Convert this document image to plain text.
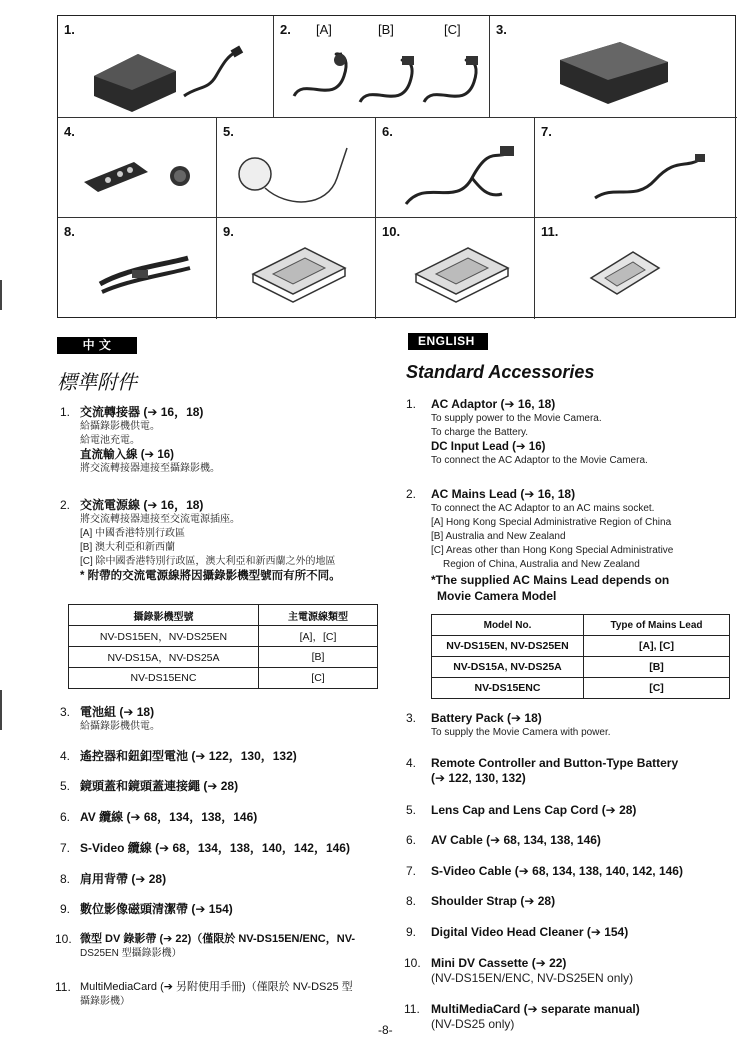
1.	2. [A]	[B]	[C]	3.
4.	5.	6.	7.
8.	9.	10.	11.
中 文
標準附件
1. 交流轉接器 (➔ 16，18)
給攝錄影機供電。
給電池充電。
直流輸入線 (➔ 16)
將交流轉接器連接至攝錄影機。
2. 交流電源線 (➔ 16，18)
將交流轉接器連接至交流電源插座。
[A] 中國香港特別行政區
[B] 澳大利亞和新西蘭
[C] 除中國香港特別行政區，澳大利亞和新西蘭之外的地區
* 附帶的交流電源線將因攝錄影機型號而有所不同。
攝錄影機型號	主電源線類型
NV-DS15EN，NV-DS25EN	[A]，[C]
NV-DS15A，NV-DS25A	[B]
NV-DS15ENC	[C]
3. 電池組 (➔ 18)
給攝錄影機供電。
4. 遙控器和鈕釦型電池 (➔ 122，130，132)
5. 鏡頭蓋和鏡頭蓋連接繩 (➔ 28)
6. AV 纜線 (➔ 68，134，138，146)
7. S-Video 纜線 (➔ 68，134，138，140，142，146)
8. 肩用背帶 (➔ 28)
9. 數位影像磁頭清潔帶 (➔ 154)
10. 微型 DV 錄影帶 (➔ 22)（僅限於 NV-DS15EN/ENC，NV-
DS25EN 型攝錄影機）
11. MultiMediaCard (➔ 另附使用手冊)（僅限於 NV-DS25 型
攝錄影機）
ENGLISH
Standard Accessories
1. AC Adaptor (➔ 16, 18)
To supply power to the Movie Camera.
To charge the Battery.
DC Input Lead (➔ 16)
To connect the AC Adaptor to the Movie Camera.
2. AC Mains Lead (➔ 16, 18)
To connect the AC Adaptor to an AC mains socket.
[A] Hong Kong Special Administrative Region of China
[B] Australia and New Zealand
[C] Areas other than Hong Kong Special Administrative
Region of China, Australia and New Zealand
*The supplied AC Mains Lead depends on
Movie Camera Model
Model No.	Type of Mains Lead
NV-DS15EN, NV-DS25EN	[A], [C]
NV-DS15A, NV-DS25A	[B]
NV-DS15ENC	[C]
3. Battery Pack (➔ 18)
To supply the Movie Camera with power.
4. Remote Controller and Button-Type Battery
(➔ 122, 130, 132)
5. Lens Cap and Lens Cap Cord (➔ 28)
6. AV Cable (➔ 68, 134, 138, 146)
7. S-Video Cable (➔ 68, 134, 138, 140, 142, 146)
8. Shoulder Strap (➔ 28)
9. Digital Video Head Cleaner (➔ 154)
10. Mini DV Cassette (➔ 22)
(NV-DS15EN/ENC, NV-DS25EN only)
11. MultiMediaCard (➔ separate manual)
(NV-DS25 only)
-8-
